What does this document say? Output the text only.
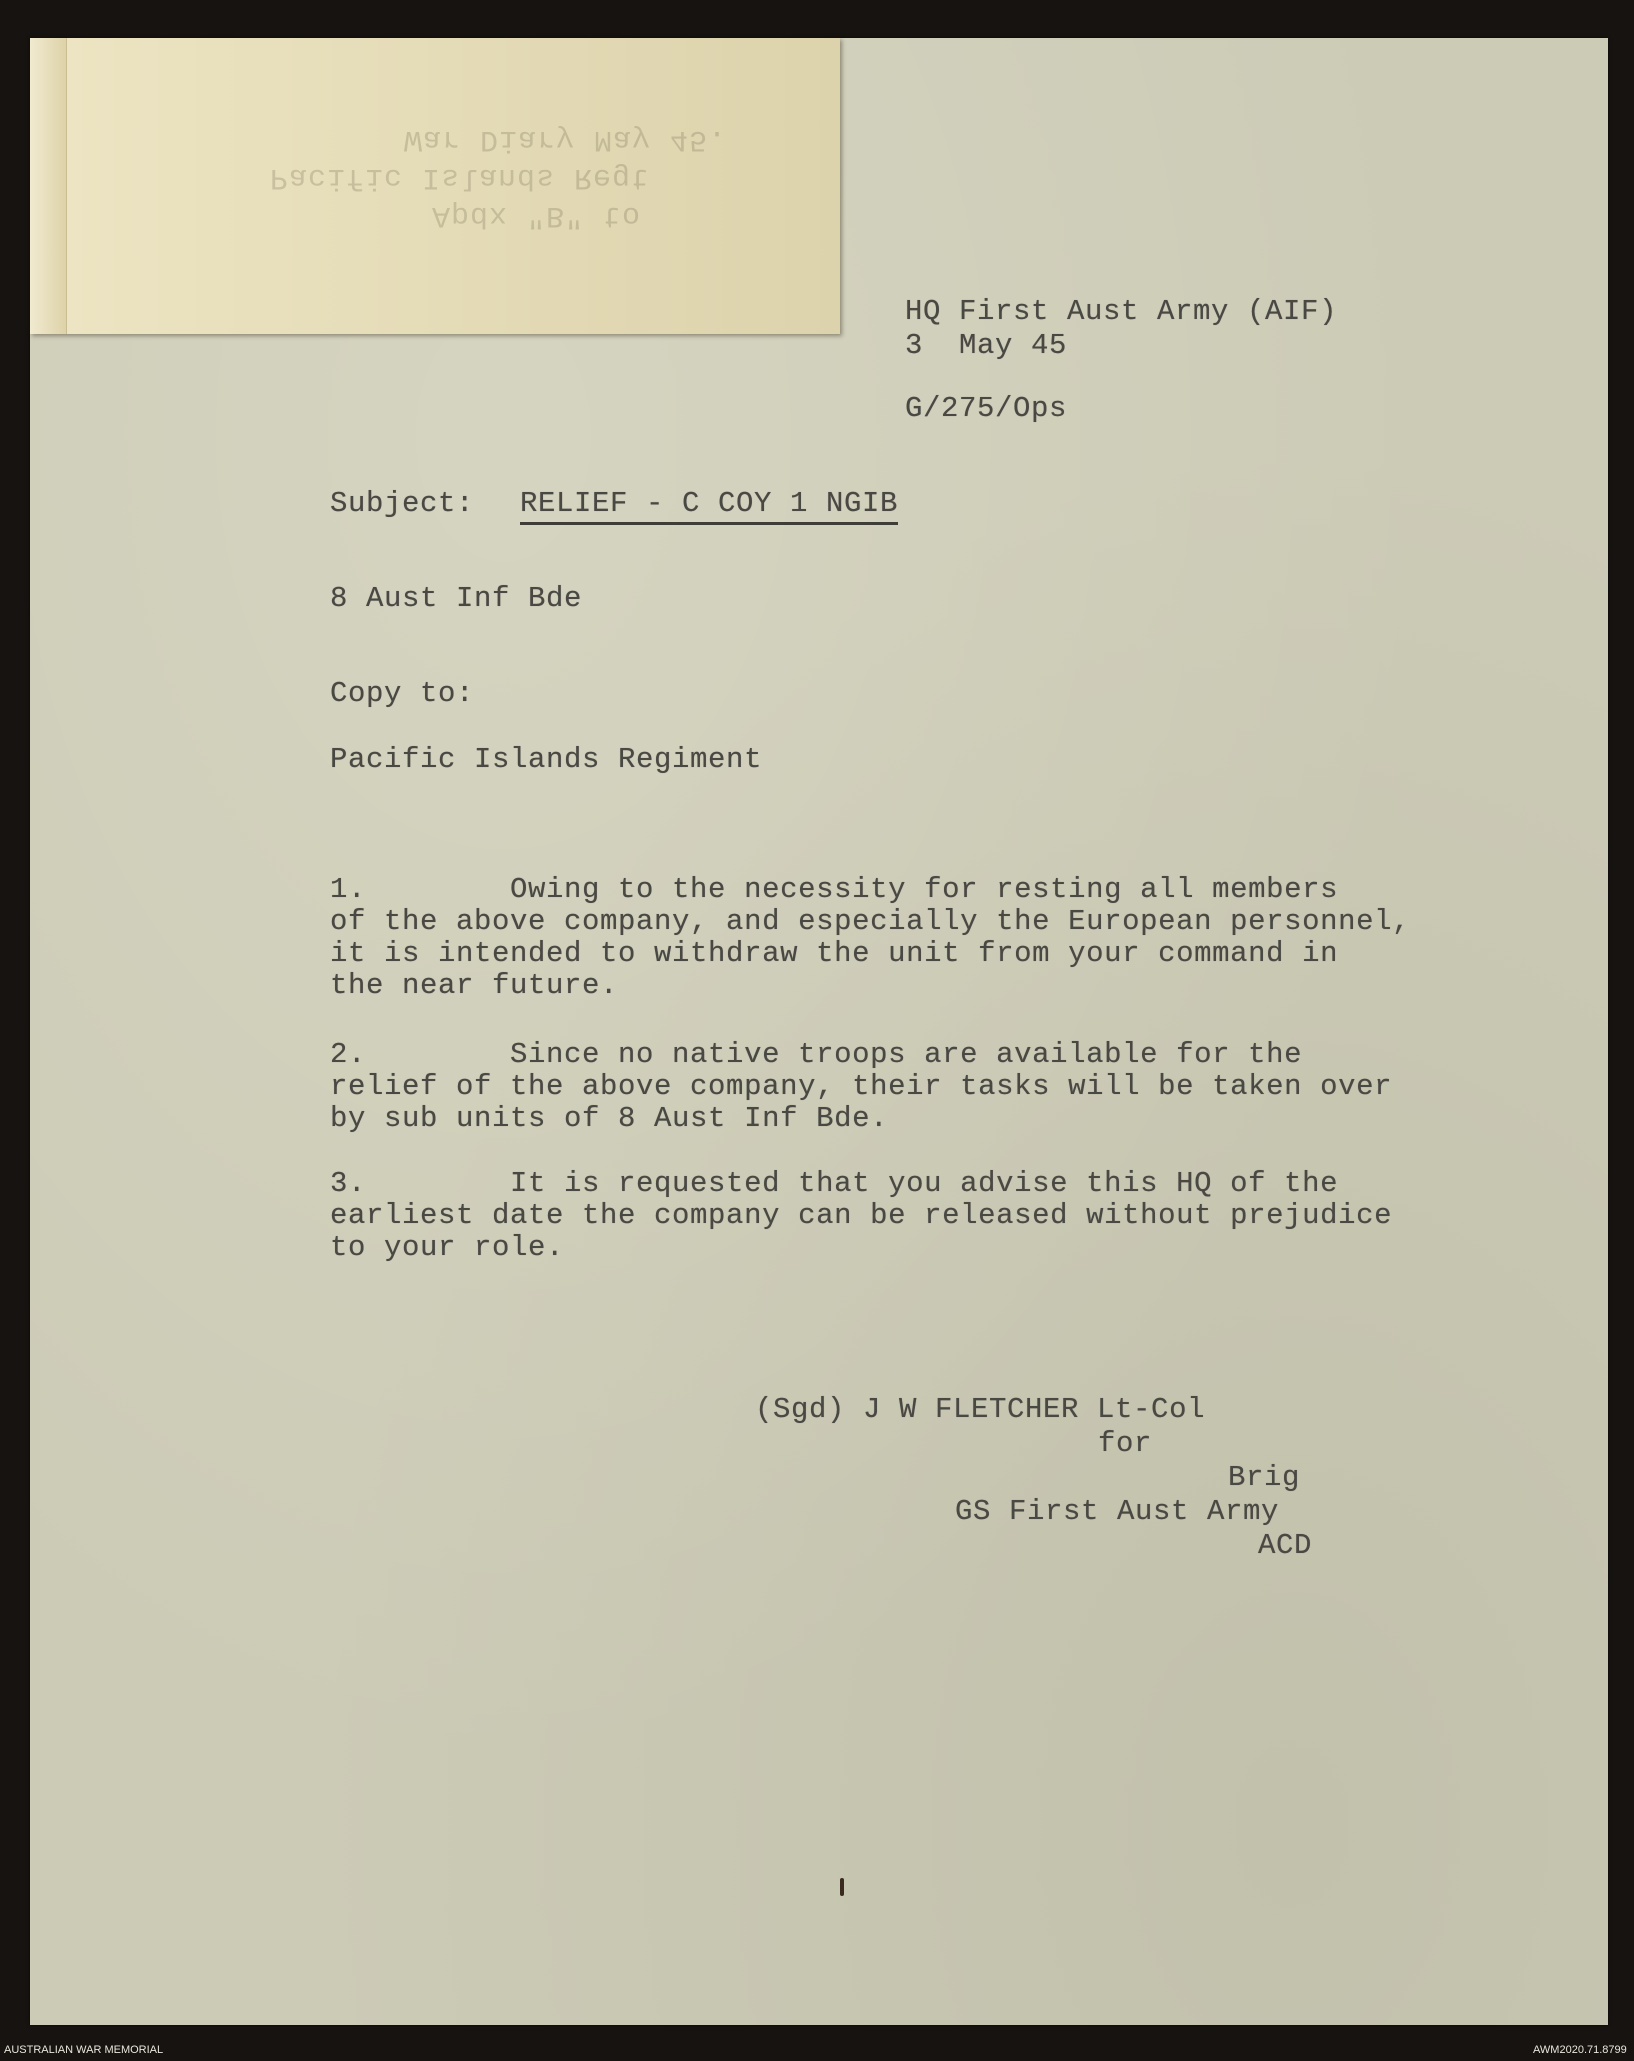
Apdx "B" to
Pacific Islands Regt
War Diary May 45.
HQ First Aust Army (AIF)
3  May 45
G/275/Ops
Subject: RELIEF - C COY 1 NGIB
8 Aust Inf Bde
Copy to:
Pacific Islands Regiment
1.        Owing to the necessity for resting all members
of the above company, and especially the European personnel,
it is intended to withdraw the unit from your command in
the near future.
2.        Since no native troops are available for the
relief of the above company, their tasks will be taken over
by sub units of 8 Aust Inf Bde.
3.        It is requested that you advise this HQ of the
earliest date the company can be released without prejudice
to your role.
(Sgd) J W FLETCHER Lt-Col
for
Brig
GS First Aust Army
ACD
AUSTRALIAN WAR MEMORIAL	AWM2020.71.8799
